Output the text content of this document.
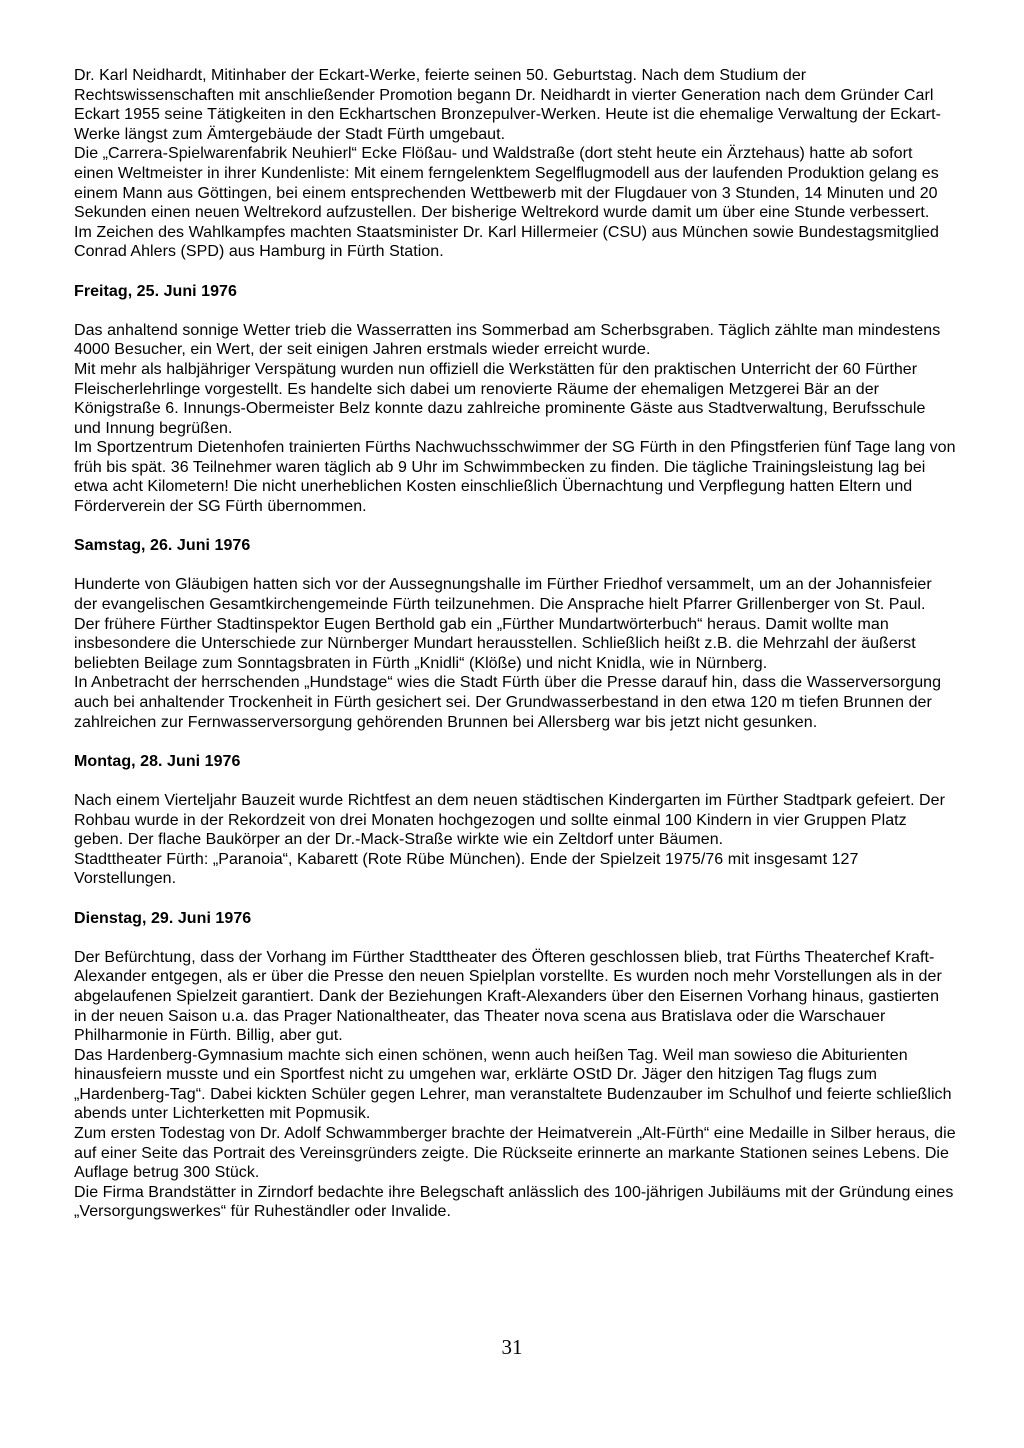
Dr. Karl Neidhardt, Mitinhaber der Eckart-Werke, feierte seinen 50. Geburtstag. Nach dem Studium der Rechtswissenschaften mit anschließender Promotion begann Dr. Neidhardt in vierter Generation nach dem Gründer Carl Eckart 1955 seine Tätigkeiten in den Eckhartschen Bronzepulver-Werken. Heute ist die ehemalige Verwaltung der Eckart-Werke längst zum Ämtergebäude der Stadt Fürth umgebaut.

Die „Carrera-Spielwarenfabrik Neuhierl“ Ecke Flößau- und Waldstraße (dort steht heute ein Ärztehaus) hatte ab sofort einen Weltmeister in ihrer Kundenliste: Mit einem ferngelenktem Segelflugmodell aus der laufenden Produktion gelang es einem Mann aus Göttingen, bei einem entsprechenden Wettbewerb mit der Flugdauer von 3 Stunden, 14 Minuten und 20 Sekunden einen neuen Weltrekord aufzustellen. Der bisherige Weltrekord wurde damit um über eine Stunde verbessert.

Im Zeichen des Wahlkampfes machten Staatsminister Dr. Karl Hillermeier (CSU) aus München sowie Bundestagsmitglied Conrad Ahlers (SPD) aus Hamburg in Fürth Station.

Freitag, 25. Juni 1976

Das anhaltend sonnige Wetter trieb die Wasserratten ins Sommerbad am Scherbsgraben. Täglich zählte man mindestens 4000 Besucher, ein Wert, der seit einigen Jahren erstmals wieder erreicht wurde.

Mit mehr als halbjähriger Verspätung wurden nun offiziell die Werkstätten für den praktischen Unterricht der 60 Fürther Fleischerlehrlinge vorgestellt. Es handelte sich dabei um renovierte Räume der ehemaligen Metzgerei Bär an der Königstraße 6. Innungs-Obermeister Belz konnte dazu zahlreiche prominente Gäste aus Stadtverwaltung, Berufsschule und Innung begrüßen.

Im Sportzentrum Dietenhofen trainierten Fürths Nachwuchsschwimmer der SG Fürth in den Pfingstferien fünf Tage lang von früh bis spät. 36 Teilnehmer waren täglich ab 9 Uhr im Schwimmbecken zu finden. Die tägliche Trainingsleistung lag bei etwa acht Kilometern! Die nicht unerheblichen Kosten einschließlich Übernachtung und Verpflegung hatten Eltern und Förderverein der SG Fürth übernommen.

Samstag, 26. Juni 1976

Hunderte von Gläubigen hatten sich vor der Aussegnungshalle im Fürther Friedhof versammelt, um an der Johannisfeier der evangelischen Gesamtkirchengemeinde Fürth teilzunehmen. Die Ansprache hielt Pfarrer Grillenberger von St. Paul.

Der frühere Fürther Stadtinspektor Eugen Berthold gab ein „Fürther Mundartwörterbuch“ heraus. Damit wollte man insbesondere die Unterschiede zur Nürnberger Mundart herausstellen. Schließlich heißt z.B. die Mehrzahl der äußerst beliebten Beilage zum Sonntagsbraten in Fürth „Knidli“ (Klöße) und nicht Knidla, wie in Nürnberg.

In Anbetracht der herrschenden „Hundstage“ wies die Stadt Fürth über die Presse darauf hin, dass die Wasserversorgung auch bei anhaltender Trockenheit in Fürth gesichert sei. Der Grundwasserbestand in den etwa 120 m tiefen Brunnen der zahlreichen zur Fernwasserversorgung gehörenden Brunnen bei Allersberg war bis jetzt nicht gesunken.

Montag, 28. Juni 1976

Nach einem Vierteljahr Bauzeit wurde Richtfest an dem neuen städtischen Kindergarten im Fürther Stadtpark gefeiert. Der Rohbau wurde in der Rekordzeit von drei Monaten hochgezogen und sollte einmal 100 Kindern in vier Gruppen Platz geben. Der flache Baukörper an der Dr.-Mack-Straße wirkte wie ein Zeltdorf unter Bäumen.

Stadttheater Fürth: „Paranoia“, Kabarett (Rote Rübe München). Ende der Spielzeit 1975/76 mit insgesamt 127 Vorstellungen.

Dienstag, 29. Juni 1976

Der Befürchtung, dass der Vorhang im Fürther Stadttheater des Öfteren geschlossen blieb, trat Fürths Theaterchef Kraft-Alexander entgegen, als er über die Presse den neuen Spielplan vorstellte. Es wurden noch mehr Vorstellungen als in der abgelaufenen Spielzeit garantiert. Dank der Beziehungen Kraft-Alexanders über den Eisernen Vorhang hinaus, gastierten in der neuen Saison u.a. das Prager Nationaltheater, das Theater nova scena aus Bratislava oder die Warschauer Philharmonie in Fürth. Billig, aber gut.

Das Hardenberg-Gymnasium machte sich einen schönen, wenn auch heißen Tag. Weil man sowieso die Abiturienten hinausfeiern musste und ein Sportfest nicht zu umgehen war, erklärte OStD Dr. Jäger den hitzigen Tag flugs zum „Hardenberg-Tag“. Dabei kickten Schüler gegen Lehrer, man veranstaltete Budenzauber im Schulhof und feierte schließlich abends unter Lichterketten mit Popmusik.

Zum ersten Todestag von Dr. Adolf Schwammberger brachte der Heimatverein „Alt-Fürth“ eine Medaille in Silber heraus, die auf einer Seite das Portrait des Vereinsgründers zeigte. Die Rückseite erinnerte an markante Stationen seines Lebens. Die Auflage betrug 300 Stück.

Die Firma Brandstätter in Zirndorf bedachte ihre Belegschaft anlässlich des 100-jährigen Jubiläums mit der Gründung eines „Versorgungswerkes“ für Ruheständler oder Invalide.

31
